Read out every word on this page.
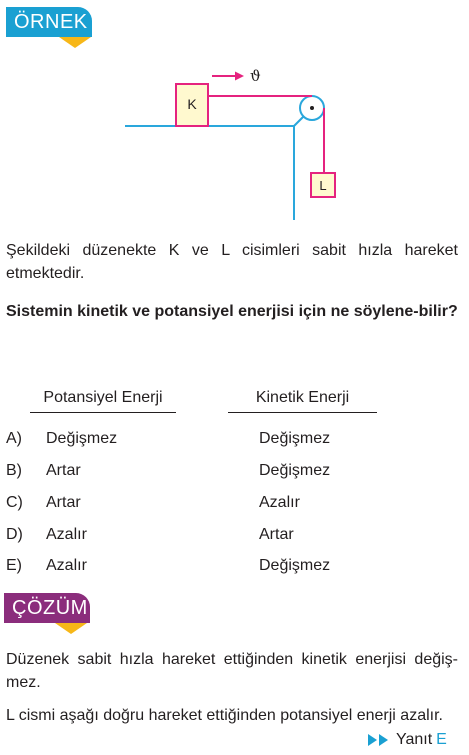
ÖRNEK
K
L
ϑ
Şekildeki düzenekte K ve L cisimleri sabit hızla hareket etmektedir.
Sistemin kinetik ve potansiyel enerjisi için ne söylene-bilir?
Potansiyel Enerji	Kinetik Enerji
A) Değişmez	Değişmez
B) Artar	Değişmez
C) Artar	Azalır
D) Azalır	Artar
E) Azalır	Değişmez
ÇÖZÜM
Düzenek sabit hızla hareket ettiğinden kinetik enerjisi değiş-mez.
L cismi aşağı doğru hareket ettiğinden potansiyel enerji azalır.
Yanıt E
